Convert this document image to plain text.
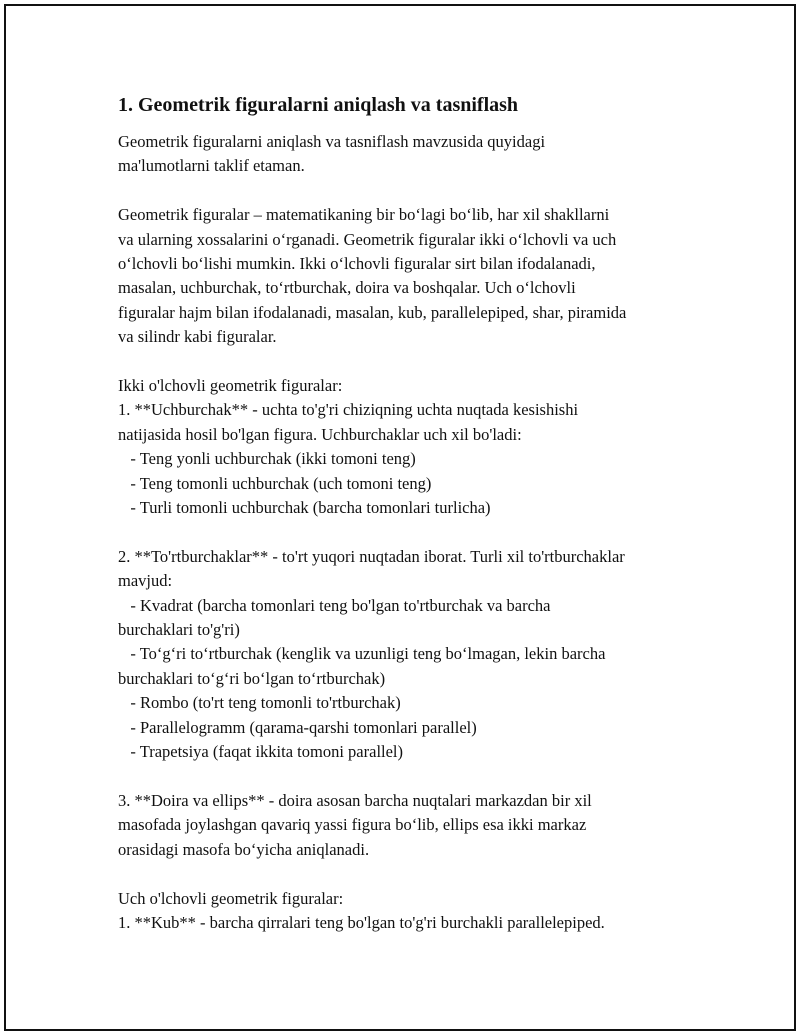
1. Geometrik figuralarni aniqlash va tasniflash
Geometrik figuralarni aniqlash va tasniflash mavzusida quyidagi
ma'lumotlarni taklif etaman.
Geometrik figuralar – matematikaning bir boʻlagi boʻlib, har xil shakllarni
va ularning xossalarini oʻrganadi. Geometrik figuralar ikki oʻlchovli va uch
oʻlchovli boʻlishi mumkin. Ikki oʻlchovli figuralar sirt bilan ifodalanadi,
masalan, uchburchak, toʻrtburchak, doira va boshqalar. Uch oʻlchovli
figuralar hajm bilan ifodalanadi, masalan, kub, parallelepiped, shar, piramida
va silindr kabi figuralar.
Ikki o'lchovli geometrik figuralar:
1. **Uchburchak** - uchta to'g'ri chiziqning uchta nuqtada kesishishi
natijasida hosil bo'lgan figura. Uchburchaklar uch xil bo'ladi:
- Teng yonli uchburchak (ikki tomoni teng)
- Teng tomonli uchburchak (uch tomoni teng)
- Turli tomonli uchburchak (barcha tomonlari turlicha)
2. **To'rtburchaklar** - to'rt yuqori nuqtadan iborat. Turli xil to'rtburchaklar
mavjud:
- Kvadrat (barcha tomonlari teng bo'lgan to'rtburchak va barcha
burchaklari to'g'ri)
- Toʻgʻri toʻrtburchak (kenglik va uzunligi teng boʻlmagan, lekin barcha
burchaklari toʻgʻri boʻlgan toʻrtburchak)
- Rombo (to'rt teng tomonli to'rtburchak)
- Parallelogramm (qarama-qarshi tomonlari parallel)
- Trapetsiya (faqat ikkita tomoni parallel)
3. **Doira va ellips** - doira asosan barcha nuqtalari markazdan bir xil
masofada joylashgan qavariq yassi figura boʻlib, ellips esa ikki markaz
orasidagi masofa boʻyicha aniqlanadi.
Uch o'lchovli geometrik figuralar:
1. **Kub** - barcha qirralari teng bo'lgan to'g'ri burchakli parallelepiped.
